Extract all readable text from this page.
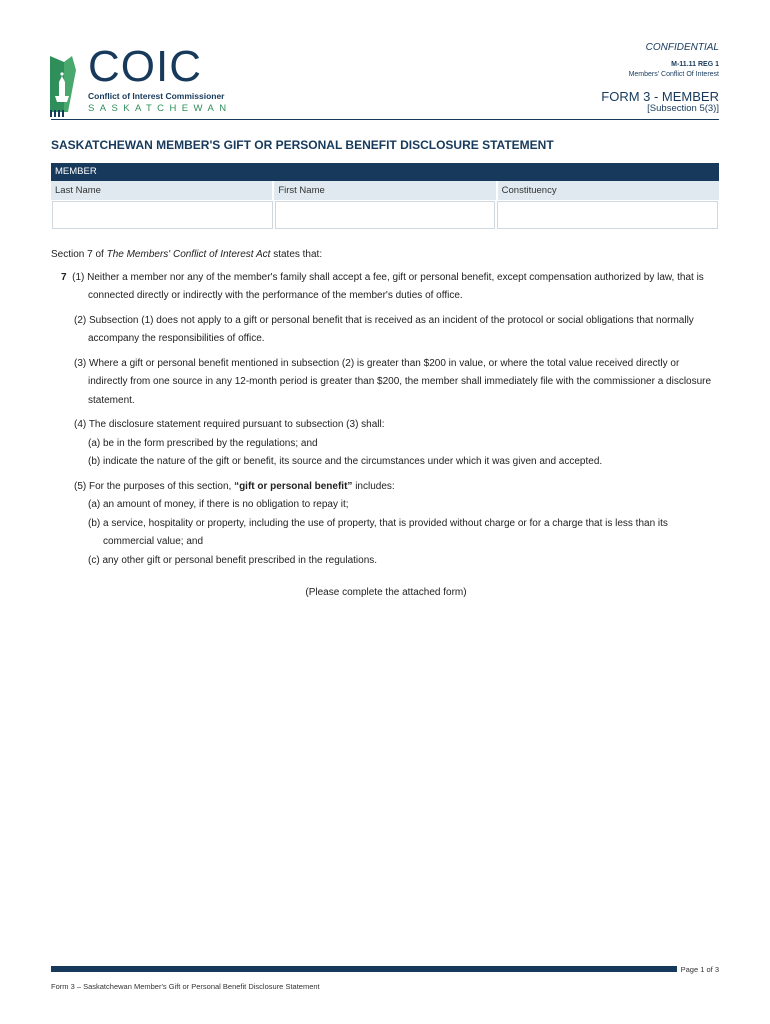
COIC
Conflict of Interest Commissioner
SASKATCHEWAN
CONFIDENTIAL
M-11.11 REG 1
Members' Conflict Of Interest
FORM 3 - MEMBER
[Subsection 5(3)]
SASKATCHEWAN MEMBER'S GIFT OR PERSONAL BENEFIT DISCLOSURE STATEMENT
MEMBER
Last Name	First Name	Constituency

Section 7 of The Members' Conflict of Interest Act states that:

7 (1) Neither a member nor any of the member's family shall accept a fee, gift or personal benefit, except compensation authorized by law, that is connected directly or indirectly with the performance of the member's duties of office.

(2) Subsection (1) does not apply to a gift or personal benefit that is received as an incident of the protocol or social obligations that normally accompany the responsibilities of office.

(3) Where a gift or personal benefit mentioned in subsection (2) is greater than $200 in value, or where the total value received directly or indirectly from one source in any 12-month period is greater than $200, the member shall immediately file with the commissioner a disclosure statement.

(4) The disclosure statement required pursuant to subsection (3) shall:

(a) be in the form prescribed by the regulations; and

(b) indicate the nature of the gift or benefit, its source and the circumstances under which it was given and accepted.

(5) For the purposes of this section, “gift or personal benefit” includes:

(a) an amount of money, if there is no obligation to repay it;

(b) a service, hospitality or property, including the use of property, that is provided without charge or for a charge that is less than its commercial value; and

(c) any other gift or personal benefit prescribed in the regulations.

(Please complete the attached form)

Page 1 of 3
Form 3 – Saskatchewan Member's Gift or Personal Benefit Disclosure Statement
